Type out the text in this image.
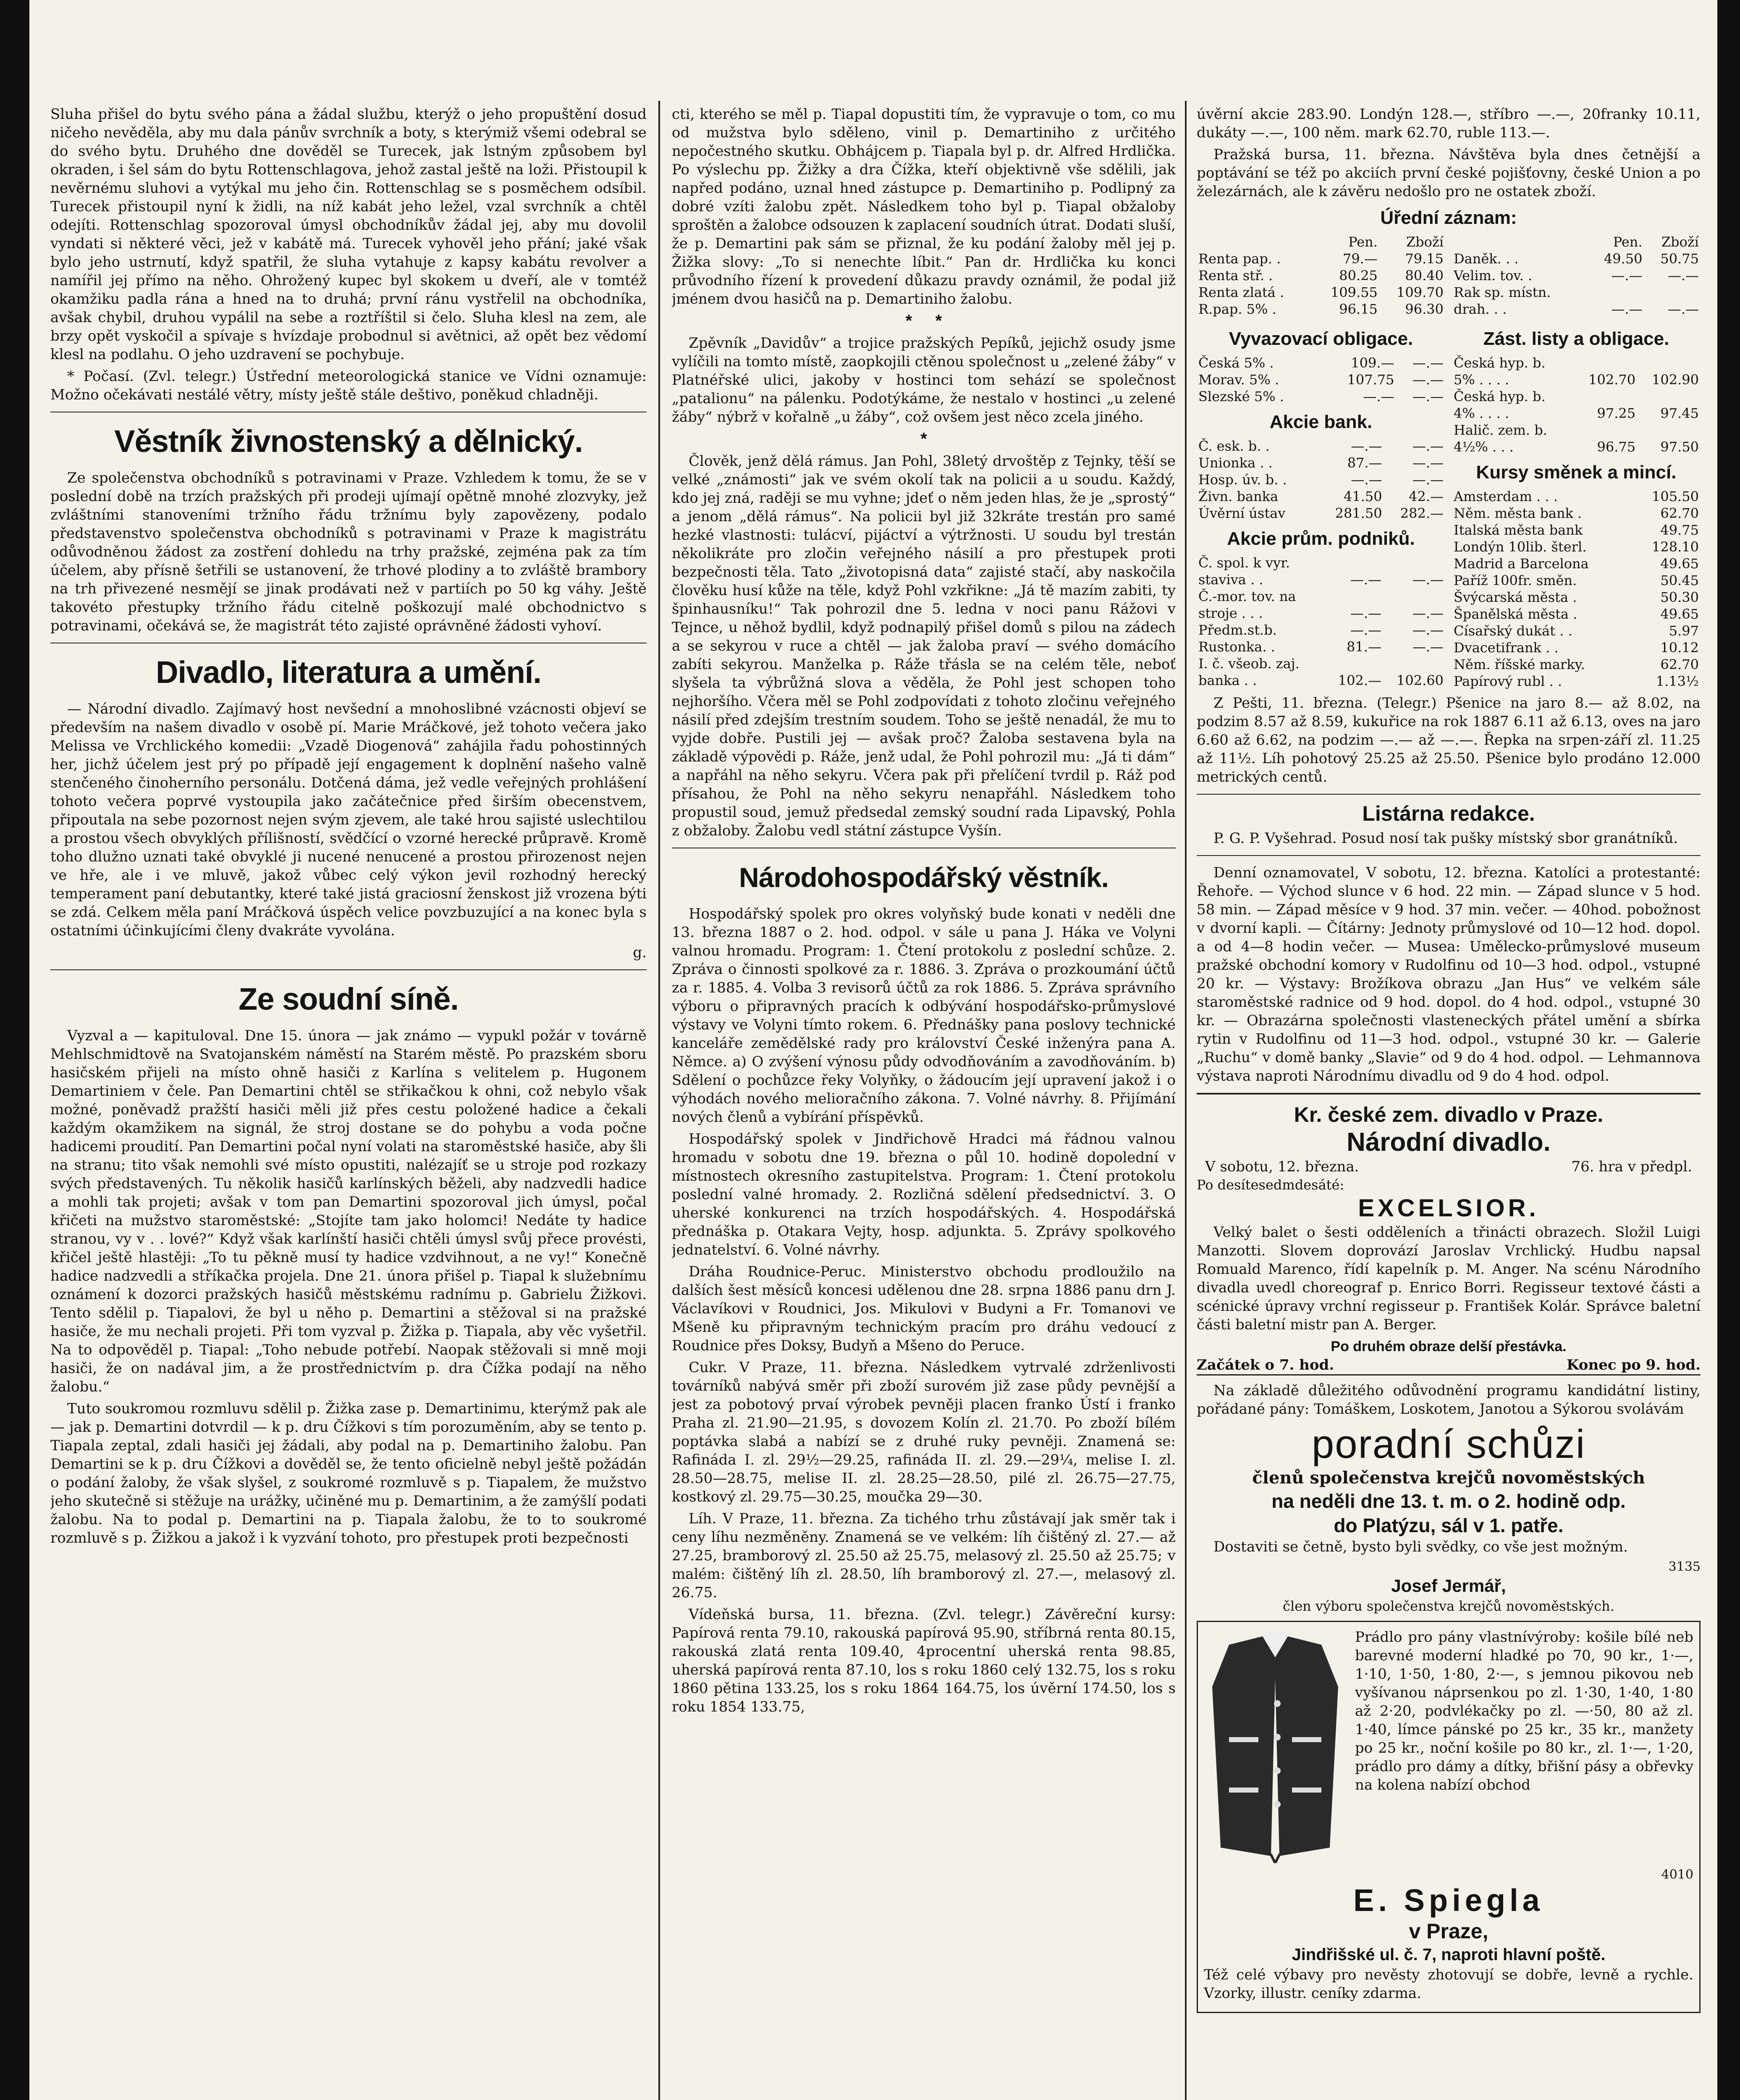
Sluha přišel do bytu svého pána a žádal službu, kterýž o jeho propuštění dosud ničeho nevěděla, aby mu dala pánův svrchník a boty, s kterýmiž všemi odebral se do svého bytu. Druhého dne dověděl se Turecek, jak lstným způsobem byl okraden, i šel sám do bytu Rottenschlagova, jehož zastal ještě na loži. Přistoupil k nevěrnému sluhovi a vytýkal mu jeho čin. Rottenschlag se s posměchem odsíbil. Turecek přistoupil nyní k židli, na níž kabát jeho ležel, vzal svrchník a chtěl odejíti. Rottenschlag spozoroval úmysl obchodníkův žádal jej, aby mu dovolil vyndati si některé věci, jež v kabátě má. Turecek vyhověl jeho přání; jaké však bylo jeho ustrnutí, když spatřil, že sluha vytahuje z kapsy kabátu revolver a namířil jej přímo na něho. Ohrožený kupec byl skokem u dveří, ale v tomtéž okamžiku padla rána a hned na to druhá; první ránu vystřelil na obchodníka, avšak chybil, druhou vypálil na sebe a roztříštil si čelo. Sluha klesl na zem, ale brzy opět vyskočil a spívaje s hvízdaje probodnul si avětnici, až opět bez vědomí klesl na podlahu. O jeho uzdravení se pochybuje.

* Počasí. (Zvl. telegr.) Ústřední meteorologická stanice ve Vídni oznamuje: Možno očekávati nestálé větry, místy ještě stále deštivo, poněkud chladněji.

Věstník živnostenský a dělnický.

Ze společenstva obchodníků s potravinami v Praze. Vzhledem k tomu, že se v poslední době na trzích pražských při prodeji ujímají opětně mnohé zlozvyky, jež zvláštními stanoveními tržního řádu tržnímu byly zapovězeny, podalo představenstvo společenstva obchodníků s potravinami v Praze k magistrátu odůvodněnou žádost za zostření dohledu na trhy pražské, zejména pak za tím účelem, aby přísně šetřili se ustanovení, že trhové plodiny a to zvláště brambory na trh přivezené nesmějí se jinak prodávati než v partiích po 50 kg váhy. Ještě takovéto přestupky tržního řádu citelně poškozují malé obchodnictvo s potravinami, očekává se, že magistrát této zajisté oprávněné žádosti vyhoví.

Divadlo, literatura a umění.

— Národní divadlo. Zajímavý host nevšední a mnohoslibné vzácnosti objeví se především na našem divadlo v osobě pí. Marie Mráčkové, jež tohoto večera jako Melissa ve Vrchlického komedii: „Vzadě Diogenová“ zahájila řadu pohostinných her, jichž účelem jest prý po případě její engagement k doplnění našeho valně stenčeného činoherního personálu. Dotčená dáma, jež vedle veřejných prohlášení tohoto večera poprvé vystoupila jako začátečnice před širším obecenstvem, připoutala na sebe pozornost nejen svým zjevem, ale také hrou sajisté uslechtilou a prostou všech obvyklých přílišností, svědčící o vzorné herecké průpravě. Kromě toho dlužno uznati také obvyklé ji nucené nenucené a prostou přirozenost nejen ve hře, ale i ve mluvě, jakož vůbec celý výkon jevil rozhodný herecký temperament paní debutantky, které také jistá graciosní ženskost již vrozena býti se zdá. Celkem měla paní Mráčková úspěch velice povzbuzující a na konec byla s ostatními účinkujícími členy dvakráte vyvolána.

g.

Ze soudní síně.

Vyzval a — kapituloval. Dne 15. února — jak známo — vypukl požár v továrně Mehlschmidtově na Svatojanském náměstí na Starém městě. Po prazském sboru hasičském přijeli na místo ohně hasiči z Karlína s velitelem p. Hugonem Demartiniem v čele. Pan Demartini chtěl se střikačkou k ohni, což nebylo však možné, poněvadž pražští hasiči měli již přes cestu položené hadice a čekali každým okamžikem na signál, že stroj dostane se do pohybu a voda počne hadicemi proudití. Pan Demartini počal nyní volati na staroměstské hasiče, aby šli na stranu; tito však nemohli své místo opustiti, nalézajíť se u stroje pod rozkazy svých představených. Tu několik hasičů karlínských běželi, aby nadzvedli hadice a mohli tak projeti; avšak v tom pan Demartini spozoroval jich úmysl, počal křičeti na mužstvo staroměstské: „Stojíte tam jako holomci! Nedáte ty hadice stranou, vy v . . lové?“ Když však karlínští hasiči chtěli úmysl svůj přece provésti, křičel ještě hlastěji: „To tu pěkně musí ty hadice vzdvihnout, a ne vy!“ Konečně hadice nadzvedli a stříkačka projela. Dne 21. února přišel p. Tiapal k služebnímu oznámení k dozorci pražských hasičů městskému radnímu p. Gabrielu Žižkovi. Tento sdělil p. Tiapalovi, že byl u něho p. Demartini a stěžoval si na pražské hasiče, že mu nechali projeti. Při tom vyzval p. Žižka p. Tiapala, aby věc vyšetřil. Na to odpověděl p. Tiapal: „Toho nebude potřebí. Naopak stěžovali si mně moji hasiči, že on nadával jim, a že prostřednictvím p. dra Čížka podají na něho žalobu.“

Tuto soukromou rozmluvu sdělil p. Žižka zase p. Demartinimu, kterýmž pak ale — jak p. Demartini dotvrdil — k p. dru Čížkovi s tím porozuměním, aby se tento p. Tiapala zeptal, zdali hasiči jej žádali, aby podal na p. Demartiniho žalobu. Pan Demartini se k p. dru Čížkovi a dověděl se, že tento oficielně nebyl ještě požádán o podání žaloby, že však slyšel, z soukromé rozmluvě s p. Tiapalem, že mužstvo jeho skutečně si stěžuje na urážky, učiněné mu p. Demartinim, a že zamýšlí podati žalobu. Na to podal p. Demartini na p. Tiapala žalobu, že to to soukromé rozmluvě s p. Žižkou a jakož i k vyzvání tohoto, pro přestupek proti bezpečnosti

cti, kterého se měl p. Tiapal dopustiti tím, že vypravuje o tom, co mu od mužstva bylo sděleno, vinil p. Demartiniho z určitého nepočestného skutku. Obhájcem p. Tiapala byl p. dr. Alfred Hrdlička. Po výslechu pp. Žižky a dra Čížka, kteří objektivně vše sdělili, jak napřed podáno, uznal hned zástupce p. Demartiniho p. Podlipný za dobré vzíti žalobu zpět. Následkem toho byl p. Tiapal obžaloby sproštěn a žalobce odsouzen k zaplacení soudních útrat. Dodati sluší, že p. Demartini pak sám se přiznal, že ku podání žaloby měl jej p. Žižka slovy: „To si nenechte líbit.“ Pan dr. Hrdlička ku konci průvodního řízení k provedení důkazu pravdy oznámil, že podal již jménem dvou hasičů na p. Demartiniho žalobu.

*     *

Zpěvník „Davidův“ a trojice pražských Pepíků, jejichž osudy jsme vylíčili na tomto místě, zaopkojili ctěnou společnost u „zelené žáby“ v Platnéřské ulici, jakoby v hostinci tom sehází se společnost „patalionu“ na pálenku. Podotýkáme, že nestalo v hostinci „u zelené žáby“ nýbrž v kořalně „u žáby“, což ovšem jest něco zcela jiného.

*

Člověk, jenž dělá rámus. Jan Pohl, 38letý drvoštěp z Tejnky, těší se velké „známosti“ jak ve svém okolí tak na policii a u soudu. Každý, kdo jej zná, raději se mu vyhne; jdeť o něm jeden hlas, že je „sprostý“ a jenom „dělá rámus“. Na policii byl již 32kráte trestán pro samé hezké vlastnosti: tulácví, pijáctví a výtržnosti. U soudu byl trestán několikráte pro zločin veřejného násilí a pro přestupek proti bezpečnosti těla. Tato „životopisná data“ zajisté stačí, aby naskočila člověku husí kůže na těle, když Pohl vzkřikne: „Já tě mazím zabiti, ty špinhausníku!“ Tak pohrozil dne 5. ledna v noci panu Rážovi v Tejnce, u něhož bydlil, když podnapilý přišel domů s pilou na zádech a se sekyrou v ruce a chtěl — jak žaloba praví — svého domácího zabíti sekyrou. Manželka p. Ráže třásla se na celém těle, neboť slyšela ta výbrůžná slova a věděla, že Pohl jest schopen toho nejhoršího. Včera měl se Pohl zodpovídati z tohoto zločinu veřejného násilí před zdejším trestním soudem. Toho se ještě nenadál, že mu to vyjde dobře. Pustili jej — avšak proč? Žaloba sestavena byla na základě výpovědi p. Ráže, jenž udal, že Pohl pohrozil mu: „Já ti dám“ a napřáhl na něho sekyru. Včera pak při přelíčení tvrdil p. Ráž pod přísahou, že Pohl na něho sekyru nenapřáhl. Následkem toho propustil soud, jemuž předsedal zemský soudní rada Lipavský, Pohla z obžaloby. Žalobu vedl státní zástupce Vyšín.

Národohospodářský věstník.

Hospodářský spolek pro okres volyňský bude konati v neděli dne 13. března 1887 o 2. hod. odpol. v sále u pana J. Háka ve Volyni valnou hromadu. Program: 1. Čtení protokolu z poslední schůze. 2. Zpráva o činnosti spolkové za r. 1886. 3. Zpráva o prozkoumání účtů za r. 1885. 4. Volba 3 revisorů účtů za rok 1886. 5. Zpráva správního výboru o připravných pracích k odbývání hospodářsko-průmyslové výstavy ve Volyni tímto rokem. 6. Přednášky pana poslovy technické kanceláře zemědělské rady pro království České inženýra pana A. Němce. a) O zvýšení výnosu půdy odvodňováním a zavodňováním. b) Sdělení o pochůzce řeky Volyňky, o žádoucím její upravení jakož i o výhodách nového melioračního zákona. 7. Volné návrhy. 8. Přijímání nových členů a vybírání příspěvků.

Hospodářský spolek v Jindřichově Hradci má řádnou valnou hromadu v sobotu dne 19. března o půl 10. hodině dopolední v místnostech okresního zastupitelstva. Program: 1. Čtení protokolu poslední valné hromady. 2. Rozličná sdělení předsednictví. 3. O uherské konkurenci na trzích hospodářských. 4. Hospodářská přednáška p. Otakara Vejty, hosp. adjunkta. 5. Zprávy spolkového jednatelství. 6. Volné návrhy.

Dráha Roudnice-Peruc. Ministerstvo obchodu prodloužilo na dalších šest měsíců koncesi udělenou dne 28. srpna 1886 panu drn J. Václavíkovi v Roudnici, Jos. Mikulovi v Budyni a Fr. Tomanovi ve Mšeně ku připravným technickým pracím pro dráhu vedoucí z Roudnice přes Doksy, Budyň a Mšeno do Peruce.

Cukr. V Praze, 11. března. Následkem vytrvalé zdrženlivosti továrníků nabývá směr při zboží surovém již zase půdy pevnější a jest za pobotový prvaí výrobek pevněji placen franko Ústí i franko Praha zl. 21.90—21.95, s dovozem Kolín zl. 21.70. Po zboží bílém poptávka slabá a nabízí se z druhé ruky pevněji. Znamená se: Rafináda I. zl. 29½—29.25, rafináda II. zl. 29.—29¼, melise I. zl. 28.50—28.75, melise II. zl. 28.25—28.50, pilé zl. 26.75—27.75, kostkový zl. 29.75—30.25, moučka 29—30.

Líh. V Praze, 11. března. Za tichého trhu zůstávají jak směr tak i ceny líhu nezměněny. Znamená se ve velkém: líh čištěný zl. 27.— až 27.25, bramborový zl. 25.50 až 25.75, melasový zl. 25.50 až 25.75; v malém: čištěný líh zl. 28.50, líh bramborový zl. 27.—, melasový zl. 26.75.

Vídeňská bursa, 11. března. (Zvl. telegr.) Závěreční kursy: Papírová renta 79.10, rakouská papírová 95.90, stříbrná renta 80.15, rakouská zlatá renta 109.40, 4procentní uherská renta 98.85, uherská papírová renta 87.10, los s roku 1860 celý 132.75, los s roku 1860 pětina 133.25, los s roku 1864 164.75, los úvěrní 174.50, los s roku 1854 133.75,

úvěrní akcie 283.90. Londýn 128.—, stříbro —.—, 20franky 10.11, dukáty —.—, 100 něm. mark 62.70, ruble 113.—.

Pražská bursa, 11. března. Návštěva byla dnes četnější a poptávání se též po akciích první české pojišťovny, české Union a po železárnách, ale k závěru nedošlo pro ne ostatek zboží.

Úřední záznam:
	Pen.	Zboží
Renta pap. .	79.—	79.15
Renta stř. .	80.25	80.40
Renta zlatá .	109.55	109.70
R.pap. 5% .	96.15	96.30
	Pen.	Zboží
Daněk. . .	49.50	50.75
Velim. tov. .	—.—	—.—
Rak sp. místn.		
drah. . .	—.—	—.—
Vyvazovací obligace.
Česká 5% .	109.—	—.—
Morav. 5% .	107.75	—.—
Slezské 5% .	—.—	—.—
Akcie bank.
Č. esk. b. .	—.—	—.—
Unionka . .	87.—	—.—
Hosp. úv. b. .	—.—	—.—
Živn. banka	41.50	42.—
Úvěrní ústav	281.50	282.—
Akcie prům. podniků.
Č. spol. k vyr.		
staviva . .	—.—	—.—
Č.-mor. tov. na		
stroje . . .	—.—	—.—
Předm.st.b.	—.—	—.—
Rustonka. .	81.—	—.—
I. č. všeob. zaj.		
banka . .	102.—	102.60
Zást. listy a obligace.
Česká hyp. b.		
5% . . . .	102.70	102.90
Česká hyp. b.		
4% . . . .	97.25	97.45
Halič. zem. b.		
4½% . . .	96.75	97.50
Kursy směnek a mincí.
Amsterdam . . .	105.50
Něm. města bank .	62.70
Italská města bank	49.75
Londýn 10lib. šterl.	128.10
Madrid a Barcelona	49.65
Paříž 100fr. směn.	50.45
Švýcarská města .	50.30
Španělská města .	49.65
Císařský dukát . .	5.97
Dvacetifrank . .	10.12
Něm. říšské marky.	62.70
Papírový rubl . .	1.13½

Z Pešti, 11. března. (Telegr.) Pšenice na jaro 8.— až 8.02, na podzim 8.57 až 8.59, kukuřice na rok 1887 6.11 až 6.13, oves na jaro 6.60 až 6.62, na podzim —.— až —.—. Řepka na srpen-září zl. 11.25 až 11½. Líh pohotový 25.25 až 25.50. Pšenice bylo prodáno 12.000 metrických centů.

Listárna redakce.

P. G. P. Vyšehrad. Posud nosí tak pušky místský sbor granátníků.

Denní oznamovatel, V sobotu, 12. března. Katolíci a protestanté: Řehoře. — Východ slunce v 6 hod. 22 min. — Západ slunce v 5 hod. 58 min. — Západ měsíce v 9 hod. 37 min. večer. — 40hod. pobožnost v dvorní kapli. — Čítárny: Jednoty průmyslové od 10—12 hod. dopol. a od 4—8 hodin večer. — Musea: Umělecko-průmyslové museum pražské obchodní komory v Rudolfinu od 10—3 hod. odpol., vstupné 20 kr. — Výstavy: Brožíkova obrazu „Jan Hus“ ve velkém sále staroměstské radnice od 9 hod. dopol. do 4 hod. odpol., vstupné 30 kr. — Obrazárna společnosti vlasteneckých přátel umění a sbírka rytin v Rudolfinu od 11—3 hod. odpol., vstupné 30 kr. — Galerie „Ruchu“ v domě banky „Slavie“ od 9 do 4 hod. odpol. — Lehmannova výstava naproti Národnímu divadlu od 9 do 4 hod. odpol.

Kr. české zem. divadlo v Praze.
Národní divadlo.
V sobotu, 12. března.	76. hra v předpl.
Po desítesedmdesáté:
EXCELSIOR.

Velký balet o šesti odděleních a třinácti obrazech. Složil Luigi Manzotti. Slovem doprovází Jaroslav Vrchlický. Hudbu napsal Romuald Marenco, řídí kapelník p. M. Anger. Na scénu Národního divadla uvedl choreograf p. Enrico Borri. Regisseur textové části a scénické úpravy vrchní regisseur p. František Kolár. Správce baletní části baletní mistr pan A. Berger.

Po druhém obraze delší přestávka.
Začátek o 7. hod.	Konec po 9. hod.

Na základě důležitého odůvodnění programu kandidátní listiny, pořádané pány: Tomáškem, Loskotem, Janotou a Sýkorou svolávám

poradní schůzi
členů společenstva krejčů novoměstských
na neděli dne 13. t. m. o 2. hodině odp.
do Platýzu, sál v 1. patře.

Dostaviti se četně, bysto byli svědky, co vše jest možným.

3135
Josef Jermář,
člen výboru společenstva krejčů novoměstských.

Prádlo pro pány vlastnívýroby: košile bílé neb barevné moderní hladké po 70, 90 kr., 1·—, 1·10, 1·50, 1·80, 2·—, s jemnou pikovou neb vyšívanou náprsenkou po zl. 1·30, 1·40, 1·80 až 2·20, podvlékačky po zl. —·50, 80 až zl. 1·40, límce pánské po 25 kr., 35 kr., manžety po 25 kr., noční košile po 80 kr., zl. 1·—, 1·20, prádlo pro dámy a dítky, břišní pásy a obřevky na kolena nabízí obchod

4010
E. Spiegla
v Praze,
Jindřišské ul. č. 7, naproti hlavní poště.

Též celé výbavy pro nevěsty zhotovují se dobře, levně a rychle. Vzorky, illustr. ceníky zdarma.
